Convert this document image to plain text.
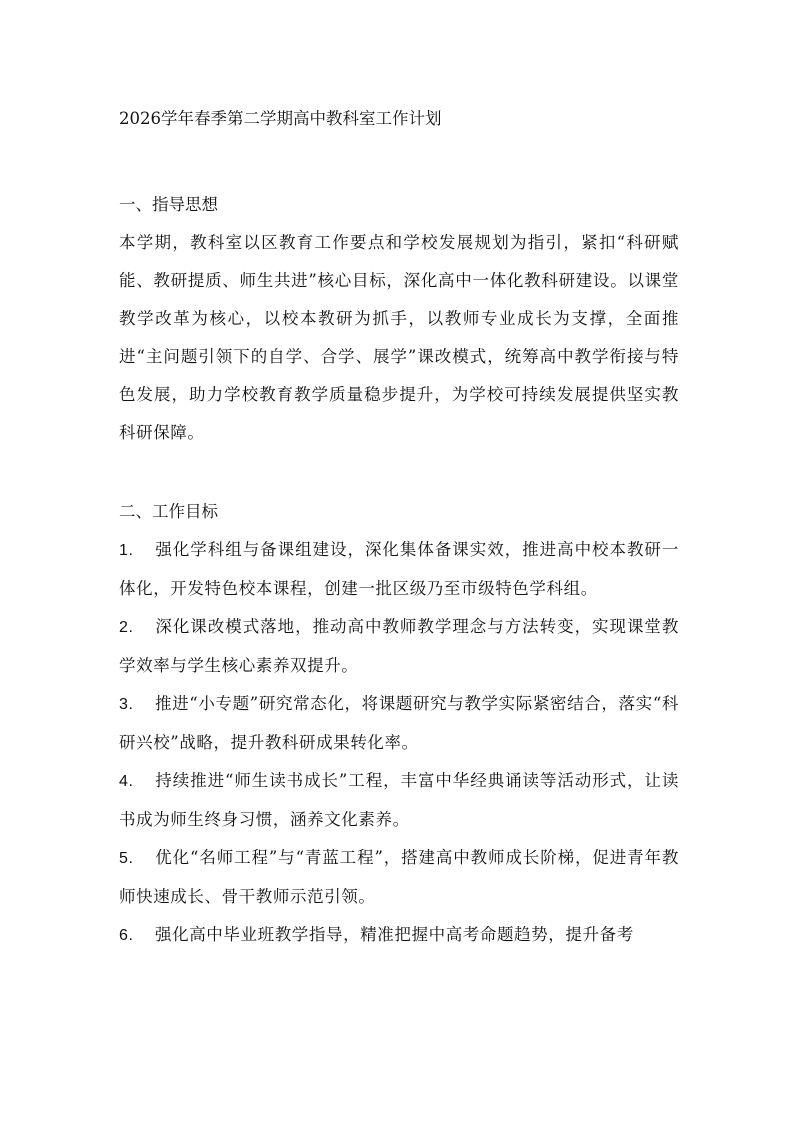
2026学年春季第二学期高中教科室工作计划
一、指导思想

本学期，教科室以区教育工作要点和学校发展规划为指引，紧扣“科研赋能、教研提质、师生共进”核心目标，深化高中一体化教科研建设。以课堂教学改革为核心，以校本教研为抓手，以教师专业成长为支撑，全面推进“主问题引领下的自学、合学、展学”课改模式，统筹高中教学衔接与特色发展，助力学校教育教学质量稳步提升，为学校可持续发展提供坚实教科研保障。

二、工作目标

1. 强化学科组与备课组建设，深化集体备课实效，推进高中校本教研一体化，开发特色校本课程，创建一批区级乃至市级特色学科组。

2. 深化课改模式落地，推动高中教师教学理念与方法转变，实现课堂教学效率与学生核心素养双提升。

3. 推进“小专题”研究常态化，将课题研究与教学实际紧密结合，落实“科研兴校”战略，提升教科研成果转化率。

4. 持续推进“师生读书成长”工程，丰富中华经典诵读等活动形式，让读书成为师生终身习惯，涵养文化素养。

5. 优化“名师工程”与“青蓝工程”，搭建高中教师成长阶梯，促进青年教师快速成长、骨干教师示范引领。

6. 强化高中毕业班教学指导，精准把握中高考命题趋势，提升备考
